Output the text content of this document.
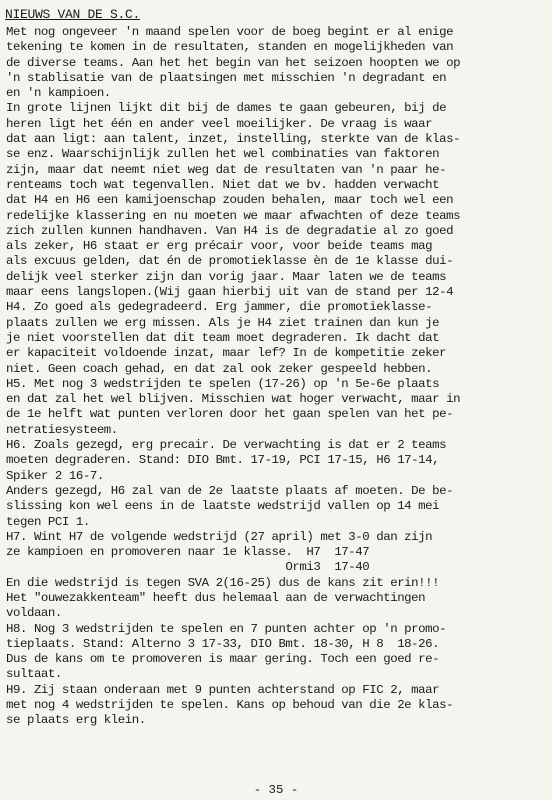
NIEUWS VAN DE S.C.
Met nog ongeveer 'n maand spelen voor de boeg begint er al enige
tekening te komen in de resultaten, standen en mogelijkheden van
de diverse teams. Aan het het begin van het seizoen hoopten we op
'n stablisatie van de plaatsingen met misschien 'n degradant en
en 'n kampioen.
In grote lijnen lijkt dit bij de dames te gaan gebeuren, bij de
heren ligt het één en ander veel moeilijker. De vraag is waar
dat aan ligt: aan talent, inzet, instelling, sterkte van de klas-
se enz. Waarschijnlijk zullen het wel combinaties van faktoren
zijn, maar dat neemt niet weg dat de resultaten van 'n paar he-
renteams toch wat tegenvallen. Niet dat we bv. hadden verwacht
dat H4 en H6 een kamijoenschap zouden behalen, maar toch wel een
redelijke klassering en nu moeten we maar afwachten of deze teams
zich zullen kunnen handhaven. Van H4 is de degradatie al zo goed
als zeker, H6 staat er erg précair voor, voor beide teams mag
als excuus gelden, dat én de promotieklasse èn de 1e klasse dui-
delijk veel sterker zijn dan vorig jaar. Maar laten we de teams
maar eens langslopen.(Wij gaan hierbij uit van de stand per 12-4
H4. Zo goed als gedegradeerd. Erg jammer, die promotieklasse-
plaats zullen we erg missen. Als je H4 ziet trainen dan kun je
je niet voorstellen dat dit team moet degraderen. Ik dacht dat
er kapaciteit voldoende inzat, maar lef? In de kompetitie zeker
niet. Geen coach gehad, en dat zal ook zeker gespeeld hebben.
H5. Met nog 3 wedstrijden te spelen (17-26) op 'n 5e-6e plaats
en dat zal het wel blijven. Misschien wat hoger verwacht, maar in
de 1e helft wat punten verloren door het gaan spelen van het pe-
netratiesysteem.
H6. Zoals gezegd, erg precair. De verwachting is dat er 2 teams
moeten degraderen. Stand: DIO Bmt. 17-19, PCI 17-15, H6 17-14,
Spiker 2 16-7.
Anders gezegd, H6 zal van de 2e laatste plaats af moeten. De be-
slissing kon wel eens in de laatste wedstrijd vallen op 14 mei
tegen PCI 1.
H7. Wint H7 de volgende wedstrijd (27 april) met 3-0 dan zijn
ze kampioen en promoveren naar 1e klasse.  H7  17-47
Ormi3  17-40
En die wedstrijd is tegen SVA 2(16-25) dus de kans zit erin!!!
Het "ouwezakkenteam" heeft dus helemaal aan de verwachtingen
voldaan.
H8. Nog 3 wedstrijden te spelen en 7 punten achter op 'n promo-
tieplaats. Stand: Alterno 3 17-33, DIO Bmt. 18-30, H 8  18-26.
Dus de kans om te promoveren is maar gering. Toch een goed re-
sultaat.
H9. Zij staan onderaan met 9 punten achterstand op FIC 2, maar
met nog 4 wedstrijden te spelen. Kans op behoud van die 2e klas-
se plaats erg klein.
- 35 -
